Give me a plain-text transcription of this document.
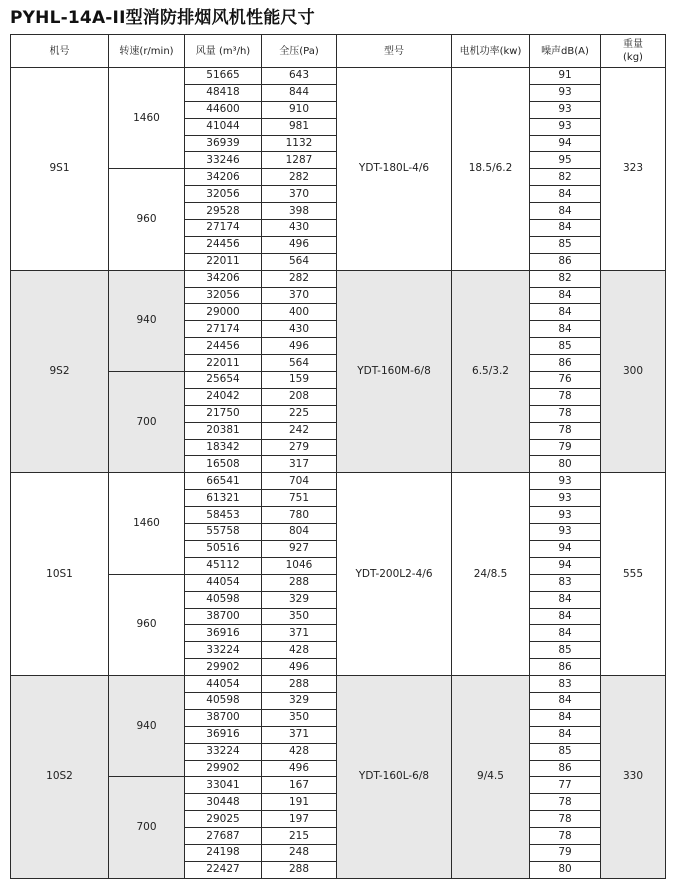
PYHL-14A-II型消防排烟风机性能尺寸
机号	转速(r/min)	风量 (m³/h)	全压(Pa)	型号	电机功率(kw)	噪声dB(A)	重量
(kg)
9S1	1460	51665	643	YDT-180L-4/6	18.5/6.2	91	323
		48418	844			93	
		44600	910			93	
		41044	981			93	
		36939	1132			94	
		33246	1287			95	
	960	34206	282			82	
		32056	370			84	
		29528	398			84	
		27174	430			84	
		24456	496			85	
		22011	564			86	
9S2	940	34206	282	YDT-160M-6/8	6.5/3.2	82	300
		32056	370			84	
		29000	400			84	
		27174	430			84	
		24456	496			85	
		22011	564			86	
	700	25654	159			76	
		24042	208			78	
		21750	225			78	
		20381	242			78	
		18342	279			79	
		16508	317			80	
10S1	1460	66541	704	YDT-200L2-4/6	24/8.5	93	555
		61321	751			93	
		58453	780			93	
		55758	804			93	
		50516	927			94	
		45112	1046			94	
	960	44054	288			83	
		40598	329			84	
		38700	350			84	
		36916	371			84	
		33224	428			85	
		29902	496			86	
10S2	940	44054	288	YDT-160L-6/8	9/4.5	83	330
		40598	329			84	
		38700	350			84	
		36916	371			84	
		33224	428			85	
		29902	496			86	
	700	33041	167			77	
		30448	191			78	
		29025	197			78	
		27687	215			78	
		24198	248			79	
		22427	288			80	
